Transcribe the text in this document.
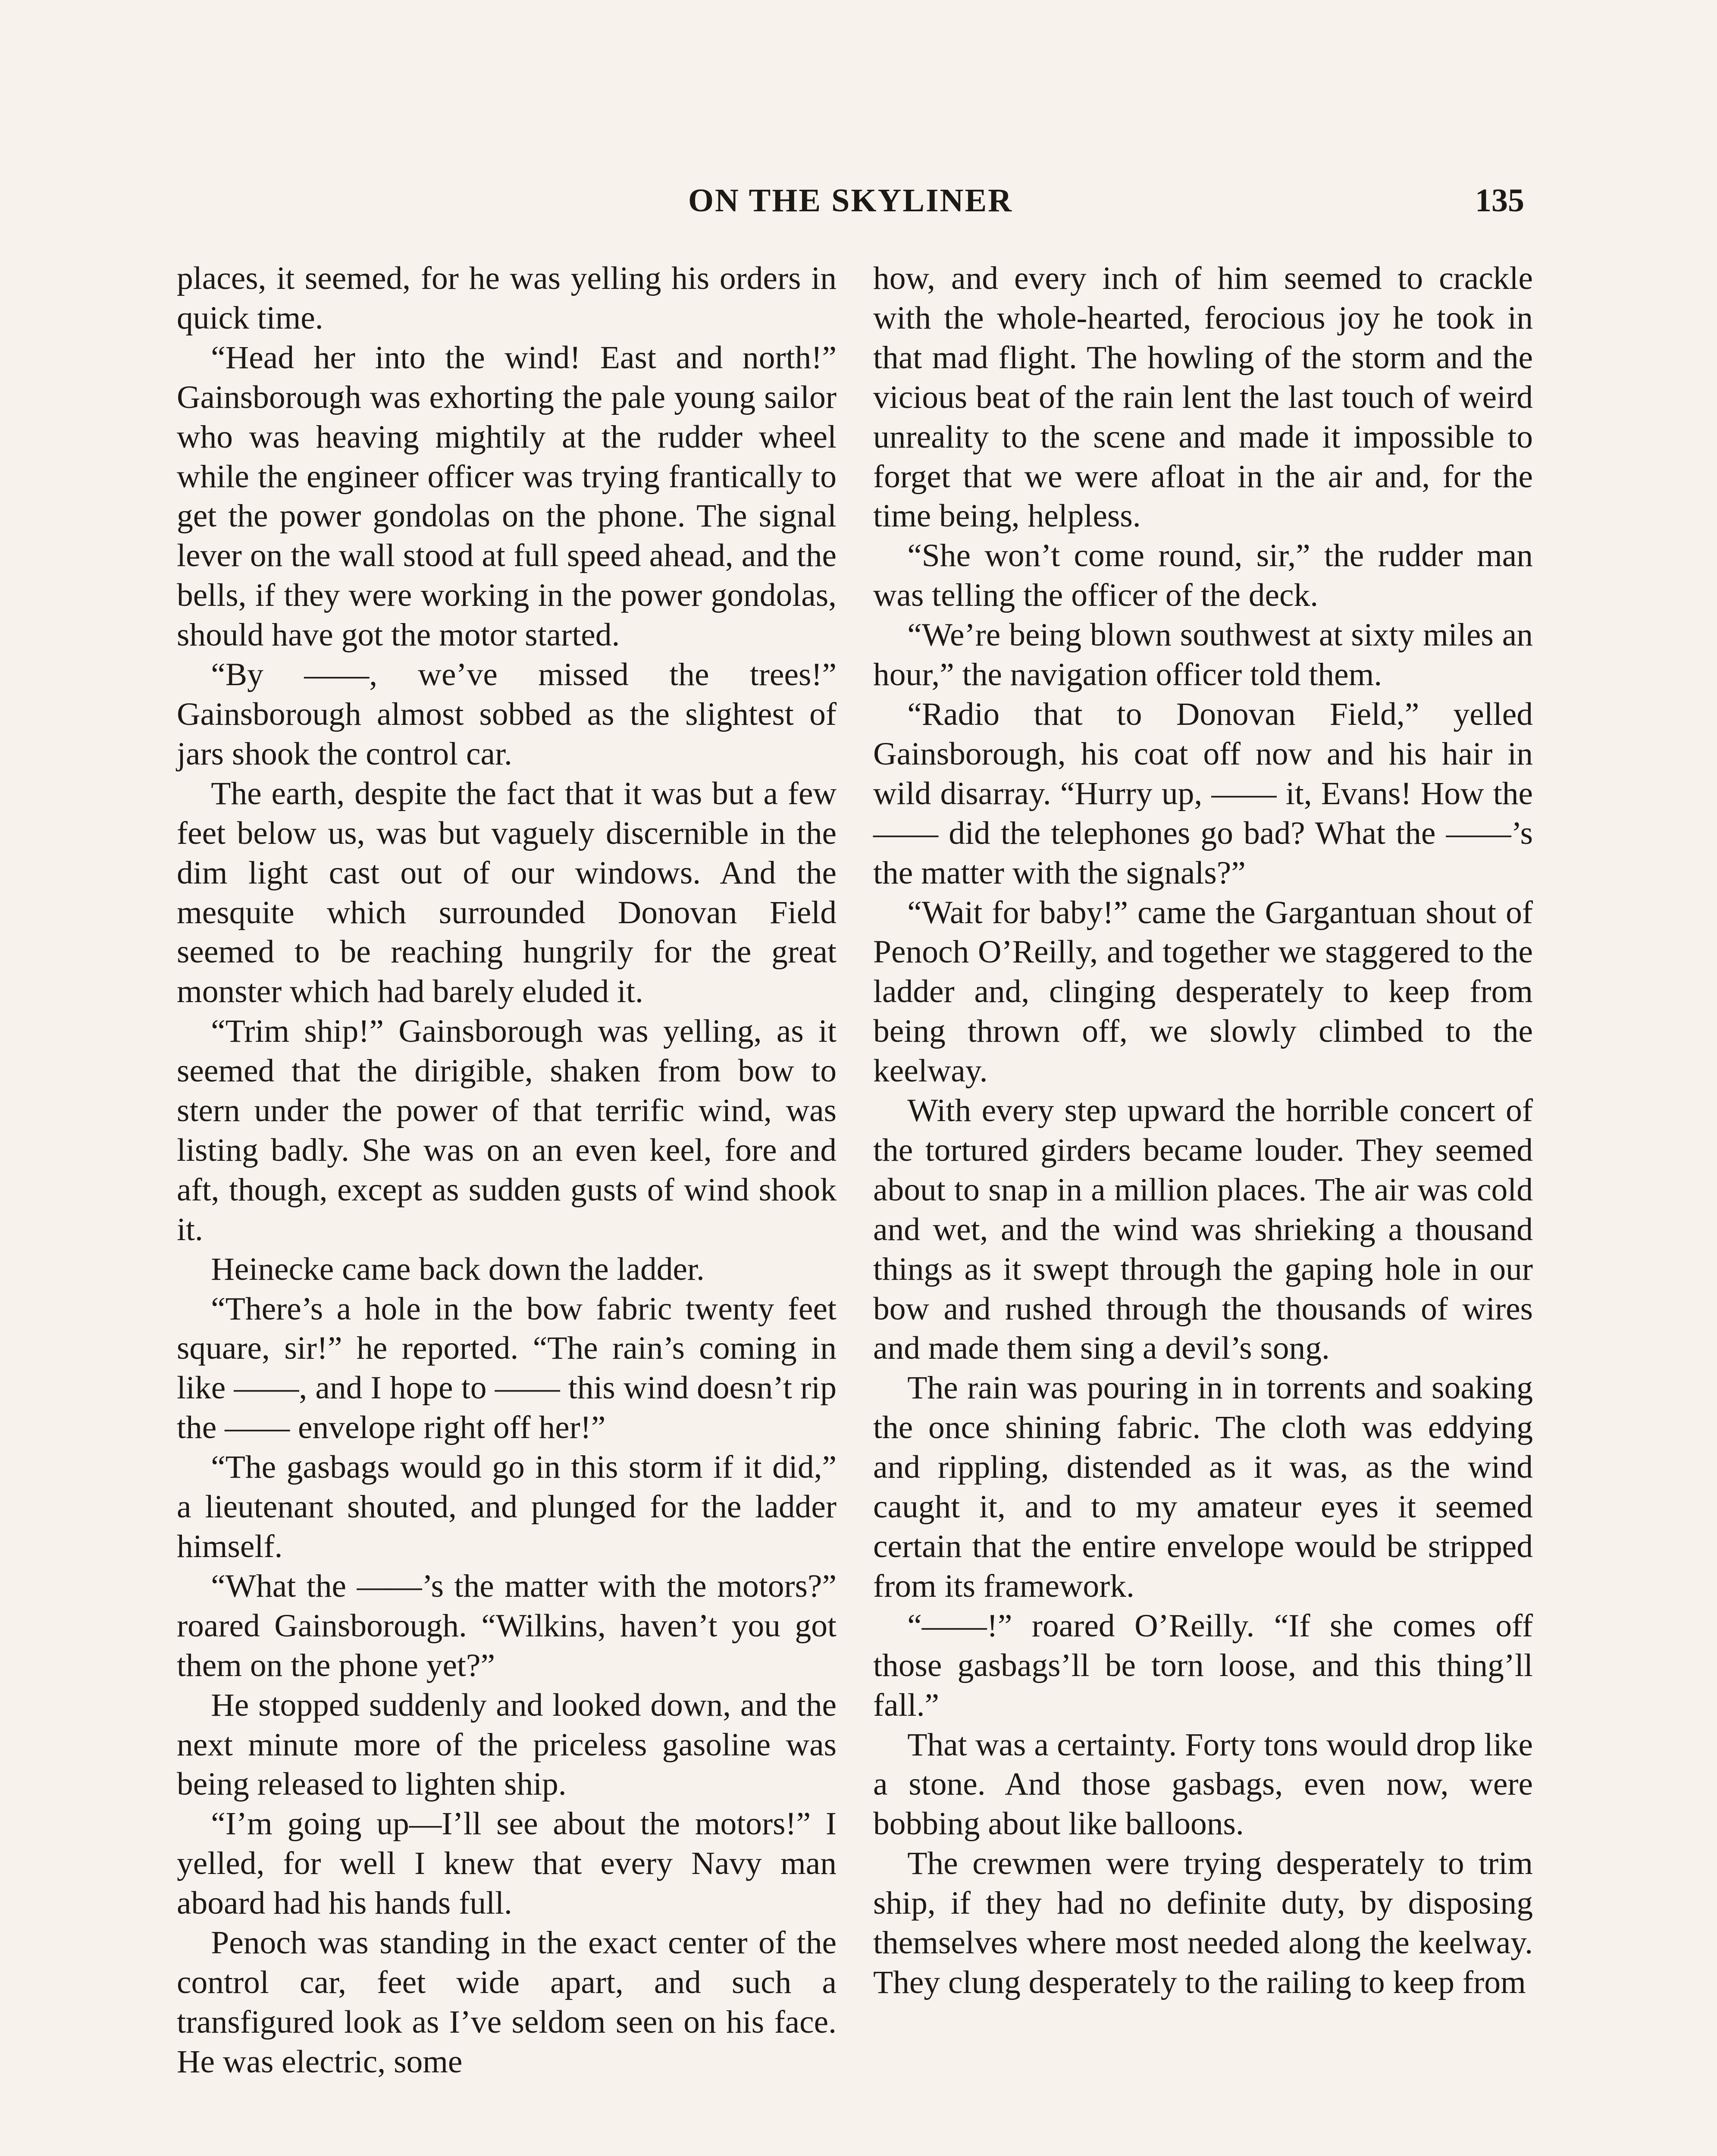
ON THE SKYLINER	135

places, it seemed, for he was yelling his orders in quick time.

“Head her into the wind! East and north!” Gainsborough was exhorting the pale young sailor who was heaving mightily at the rudder wheel while the engineer officer was trying frantically to get the power gondolas on the phone. The signal lever on the wall stood at full speed ahead, and the bells, if they were working in the power gondolas, should have got the motor started.

“By ——, we’ve missed the trees!” Gainsborough almost sobbed as the slightest of jars shook the control car.

The earth, despite the fact that it was but a few feet below us, was but vaguely discernible in the dim light cast out of our windows. And the mesquite which surrounded Donovan Field seemed to be reaching hungrily for the great monster which had barely eluded it.

“Trim ship!” Gainsborough was yelling, as it seemed that the dirigible, shaken from bow to stern under the power of that terrific wind, was listing badly. She was on an even keel, fore and aft, though, except as sudden gusts of wind shook it.

Heinecke came back down the ladder.

“There’s a hole in the bow fabric twenty feet square, sir!” he reported. “The rain’s coming in like ——, and I hope to —— this wind doesn’t rip the —— envelope right off her!”

“The gasbags would go in this storm if it did,” a lieutenant shouted, and plunged for the ladder himself.

“What the ——’s the matter with the motors?” roared Gainsborough. “Wilkins, haven’t you got them on the phone yet?”

He stopped suddenly and looked down, and the next minute more of the priceless gasoline was being released to lighten ship.

“I’m going up—I’ll see about the motors!” I yelled, for well I knew that every Navy man aboard had his hands full.

Penoch was standing in the exact center of the control car, feet wide apart, and such a transfigured look as I’ve seldom seen on his face. He was electric, some

how, and every inch of him seemed to crackle with the whole-hearted, ferocious joy he took in that mad flight. The howling of the storm and the vicious beat of the rain lent the last touch of weird unreality to the scene and made it impossible to forget that we were afloat in the air and, for the time being, helpless.

“She won’t come round, sir,” the rudder man was telling the officer of the deck.

“We’re being blown southwest at sixty miles an hour,” the navigation officer told them.

“Radio that to Donovan Field,” yelled Gainsborough, his coat off now and his hair in wild disarray. “Hurry up, —— it, Evans! How the —— did the telephones go bad? What the ——’s the matter with the signals?”

“Wait for baby!” came the Gargantuan shout of Penoch O’Reilly, and together we staggered to the ladder and, clinging desperately to keep from being thrown off, we slowly climbed to the keelway.

With every step upward the horrible concert of the tortured girders became louder. They seemed about to snap in a million places. The air was cold and wet, and the wind was shrieking a thousand things as it swept through the gaping hole in our bow and rushed through the thousands of wires and made them sing a devil’s song.

The rain was pouring in in torrents and soaking the once shining fabric. The cloth was eddying and rippling, distended as it was, as the wind caught it, and to my amateur eyes it seemed certain that the entire envelope would be stripped from its framework.

“——!” roared O’Reilly. “If she comes off those gasbags’ll be torn loose, and this thing’ll fall.”

That was a certainty. Forty tons would drop like a stone. And those gasbags, even now, were bobbing about like balloons.

The crewmen were trying desperately to trim ship, if they had no definite duty, by disposing themselves where most needed along the keelway. They clung desperately to the railing to keep from
